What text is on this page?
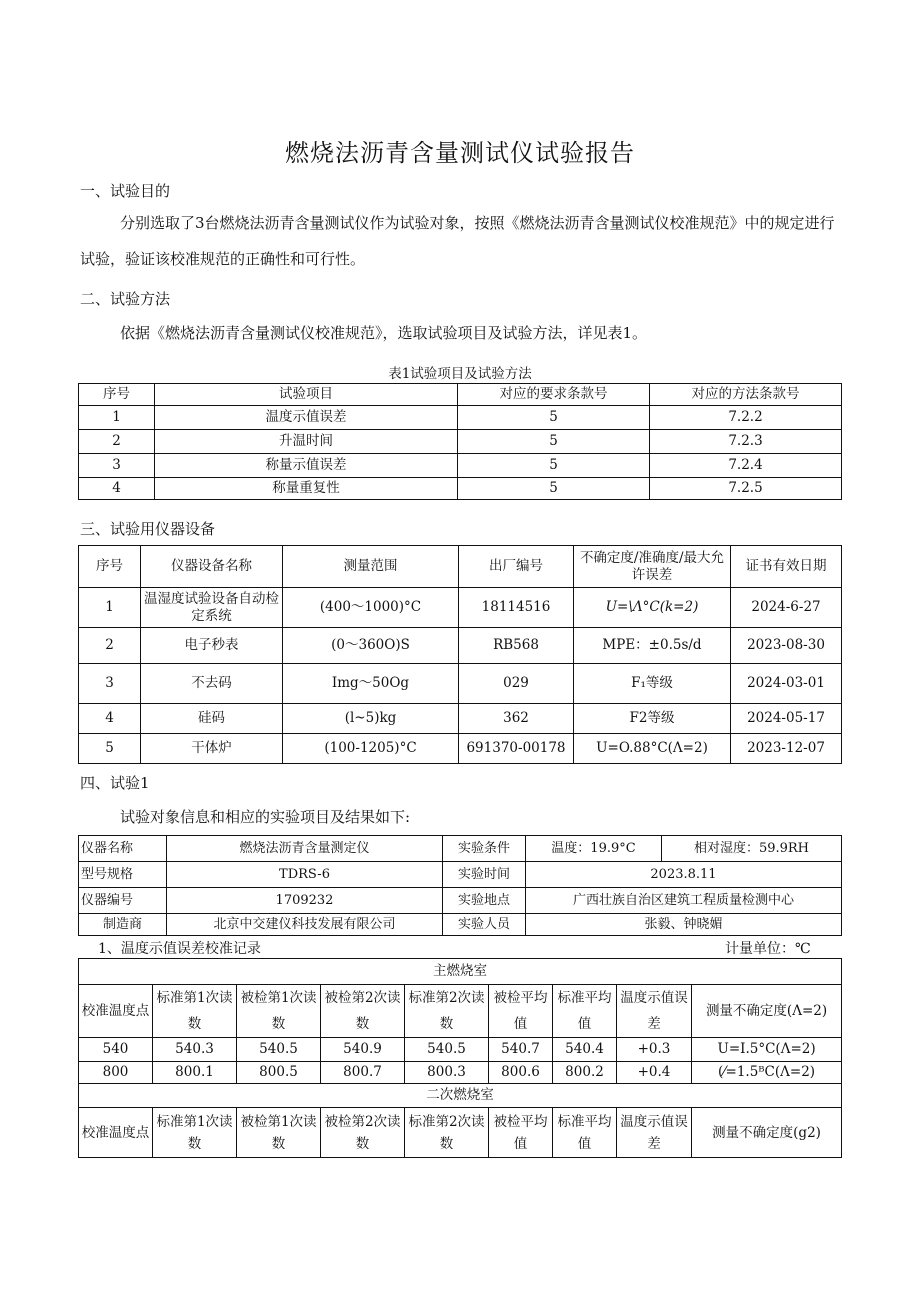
燃烧法沥青含量测试仪试验报告
一、试验目的
分别选取了3台燃烧法沥青含量测试仪作为试验对象，按照《燃烧法沥青含量测试仪校准规范》中的规定进行试验，验证该校准规范的正确性和可行性。
二、试验方法
依据《燃烧法沥青含量测试仪校准规范》，选取试验项目及试验方法，详见表1。
表1试验项目及试验方法
序号	试验项目	对应的要求条款号	对应的方法条款号
1	温度示值误差	5	7.2.2
2	升温时间	5	7.2.3
3	称量示值误差	5	7.2.4
4	称量重复性	5	7.2.5
三、试验用仪器设备
序号	仪器设备名称	测量范围	出厂编号	不确定度/准确度/最大允许误差	证书有效日期
1	温湿度试验设备自动检定系统	(400～1000)°C	18114516	U=\Λ°C(k=2)	2024-6-27
2	电子秒表	(0～360O)S	RB568	MPE：±0.5s/d	2023-08-30
3	不去码	Img～50Og	029	F₁等级	2024-03-01
4	硅码	(l~5)kg	362	F2等级	2024-05-17
5	干体炉	(100-1205)°C	691370-00178	U=O.88°C(Λ=2)	2023-12-07
四、试验1
试验对象信息和相应的实验项目及结果如下:
仪器名称	燃烧法沥青含量测定仪	实验条件	温度：19.9°C	相对湿度：59.9RH
型号规格	TDRS-6	实验时间	2023.8.11	
仪器编号	1709232	实验地点	广西壮族自治区建筑工程质量检测中心	
制造商	北京中交建仪科技发展有限公司	实验人员	张毅、钟晓媚	
1、温度示值误差校准记录	计量单位：℃
主燃烧室								
校准温度点	标准第1次读数	被检第1次读数	被检第2次读数	标准第2次读数	被检平均值	标准平均值	温度示值误差	测量不确定度(Λ=2)
540	540.3	540.5	540.9	540.5	540.7	540.4	+0.3	U=I.5°C(Λ=2)
800	800.1	800.5	800.7	800.3	800.6	800.2	+0.4	(⁄=1.5ᴮC(Λ=2)
二次燃烧室								
校准温度点	标准第1次读数	被检第1次读数	被检第2次读数	标准第2次读数	被检平均值	标准平均值	温度示值误差	测量不确定度(g2)
